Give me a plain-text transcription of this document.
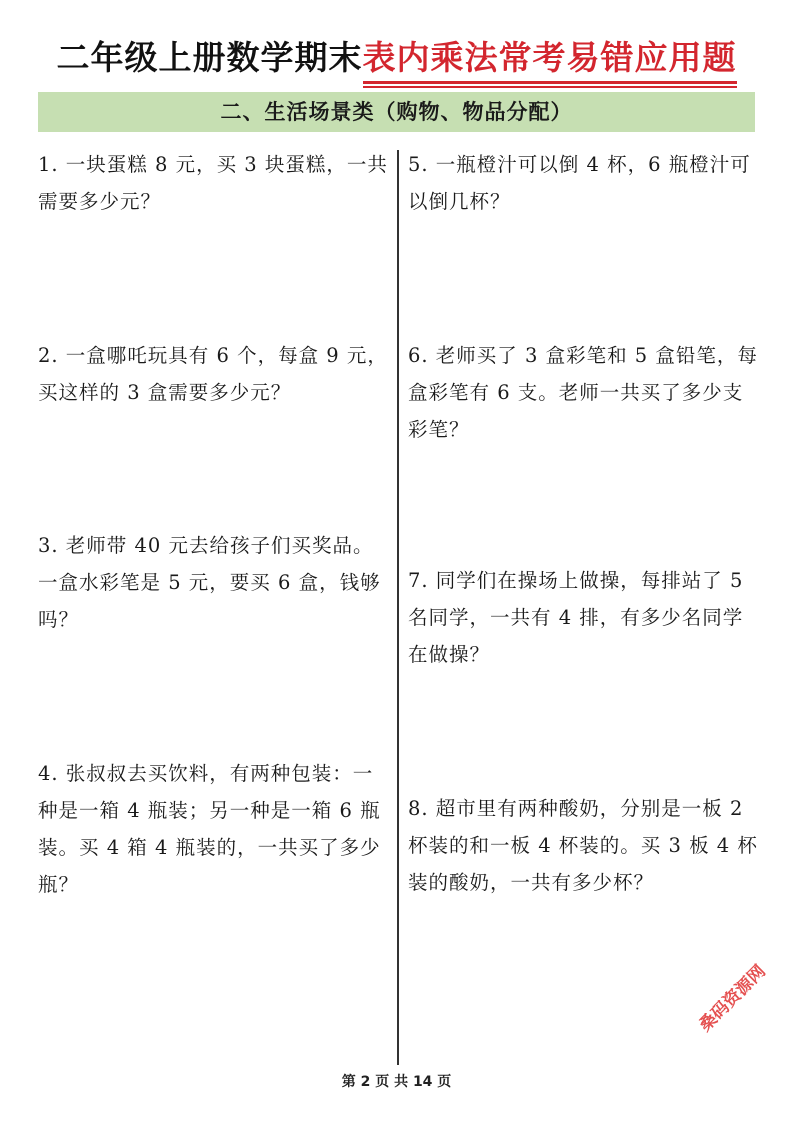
二年级上册数学期末表内乘法常考易错应用题
二、生活场景类（购物、物品分配）
1. 一块蛋糕 8 元，买 3 块蛋糕，一共需要多少元？
2. 一盒哪吒玩具有 6 个，每盒 9 元，买这样的 3 盒需要多少元？
3. 老师带 40 元去给孩子们买奖品。一盒水彩笔是 5 元，要买 6 盒，钱够吗？
4. 张叔叔去买饮料，有两种包装：一种是一箱 4 瓶装；另一种是一箱 6 瓶装。买 4 箱 4 瓶装的，一共买了多少瓶？
5. 一瓶橙汁可以倒 4 杯，6 瓶橙汁可以倒几杯？
6. 老师买了 3 盒彩笔和 5 盒铅笔，每盒彩笔有 6 支。老师一共买了多少支彩笔？
7. 同学们在操场上做操，每排站了 5 名同学，一共有 4 排，有多少名同学在做操？
8. 超市里有两种酸奶，分别是一板 2 杯装的和一板 4 杯装的。买 3 板 4 杯装的酸奶，一共有多少杯？
第 2 页 共 14 页
桑码资源网
